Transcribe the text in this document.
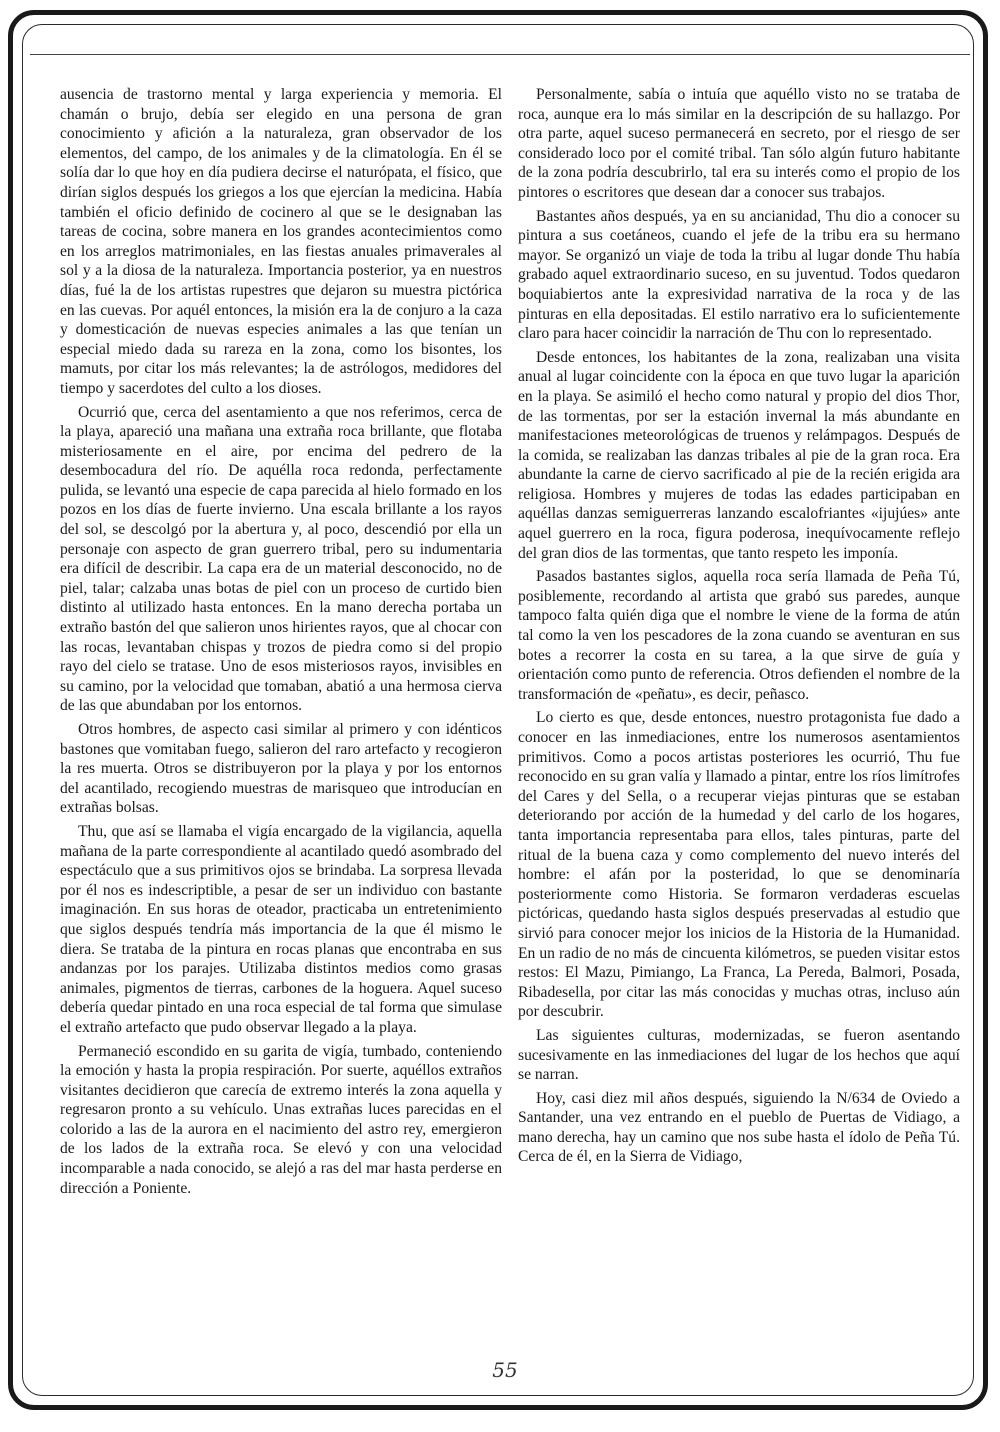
ausencia de trastorno mental y larga experiencia y memoria. El chamán o brujo, debía ser elegido en una persona de gran conocimiento y afición a la naturaleza, gran observador de los elementos, del campo, de los animales y de la climatología. En él se solía dar lo que hoy en día pudiera decirse el naturópata, el físico, que dirían siglos después los griegos a los que ejercían la medicina. Había también el oficio definido de cocinero al que se le designaban las tareas de cocina, sobre manera en los grandes acontecimientos como en los arreglos matrimoniales, en las fiestas anuales primaverales al sol y a la diosa de la naturaleza. Importancia posterior, ya en nuestros días, fué la de los artistas rupestres que dejaron su muestra pictórica en las cuevas. Por aquél entonces, la misión era la de conjuro a la caza y domesticación de nuevas especies animales a las que tenían un especial miedo dada su rareza en la zona, como los bisontes, los mamuts, por citar los más relevantes; la de astrólogos, medidores del tiempo y sacerdotes del culto a los dioses.

Ocurrió que, cerca del asentamiento a que nos referimos, cerca de la playa, apareció una mañana una extraña roca brillante, que flotaba misteriosamente en el aire, por encima del pedrero de la desembocadura del río. De aquélla roca redonda, perfectamente pulida, se levantó una especie de capa parecida al hielo formado en los pozos en los días de fuerte invierno. Una escala brillante a los rayos del sol, se descolgó por la abertura y, al poco, descendió por ella un personaje con aspecto de gran guerrero tribal, pero su indumentaria era difícil de describir. La capa era de un material desconocido, no de piel, talar; calzaba unas botas de piel con un proceso de curtido bien distinto al utilizado hasta entonces. En la mano derecha portaba un extraño bastón del que salieron unos hirientes rayos, que al chocar con las rocas, levantaban chispas y trozos de piedra como si del propio rayo del cielo se tratase. Uno de esos misteriosos rayos, invisibles en su camino, por la velocidad que tomaban, abatió a una hermosa cierva de las que abundaban por los entornos.

Otros hombres, de aspecto casi similar al primero y con idénticos bastones que vomitaban fuego, salieron del raro artefacto y recogieron la res muerta. Otros se distribuyeron por la playa y por los entornos del acantilado, recogiendo muestras de marisqueo que introducían en extrañas bolsas.

Thu, que así se llamaba el vigía encargado de la vigilancia, aquella mañana de la parte correspondiente al acantilado quedó asombrado del espectáculo que a sus primitivos ojos se brindaba. La sorpresa llevada por él nos es indescriptible, a pesar de ser un individuo con bastante imaginación. En sus horas de oteador, practicaba un entretenimiento que siglos después tendría más importancia de la que él mismo le diera. Se trataba de la pintura en rocas planas que encontraba en sus andanzas por los parajes. Utilizaba distintos medios como grasas animales, pigmentos de tierras, carbones de la hoguera. Aquel suceso debería quedar pintado en una roca especial de tal forma que simulase el extraño artefacto que pudo observar llegado a la playa.

Permaneció escondido en su garita de vigía, tumbado, conteniendo la emoción y hasta la propia respiración. Por suerte, aquéllos extraños visitantes decidieron que carecía de extremo interés la zona aquella y regresaron pronto a su vehículo. Unas extrañas luces parecidas en el colorido a las de la aurora en el nacimiento del astro rey, emergieron de los lados de la extraña roca. Se elevó y con una velocidad incomparable a nada conocido, se alejó a ras del mar hasta perderse en dirección a Poniente.

Personalmente, sabía o intuía que aquéllo visto no se trataba de roca, aunque era lo más similar en la descripción de su hallazgo. Por otra parte, aquel suceso permanecerá en secreto, por el riesgo de ser considerado loco por el comité tribal. Tan sólo algún futuro habitante de la zona podría descubrirlo, tal era su interés como el propio de los pintores o escritores que desean dar a conocer sus trabajos.

Bastantes años después, ya en su ancianidad, Thu dio a conocer su pintura a sus coetáneos, cuando el jefe de la tribu era su hermano mayor. Se organizó un viaje de toda la tribu al lugar donde Thu había grabado aquel extraordinario suceso, en su juventud. Todos quedaron boquiabiertos ante la expresividad narrativa de la roca y de las pinturas en ella depositadas. El estilo narrativo era lo suficientemente claro para hacer coincidir la narración de Thu con lo representado.

Desde entonces, los habitantes de la zona, realizaban una visita anual al lugar coincidente con la época en que tuvo lugar la aparición en la playa. Se asimiló el hecho como natural y propio del dios Thor, de las tormentas, por ser la estación invernal la más abundante en manifestaciones meteorológicas de truenos y relámpagos. Después de la comida, se realizaban las danzas tribales al pie de la gran roca. Era abundante la carne de ciervo sacrificado al pie de la recién erigida ara religiosa. Hombres y mujeres de todas las edades participaban en aquéllas danzas semiguerreras lanzando escalofriantes «ijujúes» ante aquel guerrero en la roca, figura poderosa, inequívocamente reflejo del gran dios de las tormentas, que tanto respeto les imponía.

Pasados bastantes siglos, aquella roca sería llamada de Peña Tú, posiblemente, recordando al artista que grabó sus paredes, aunque tampoco falta quién diga que el nombre le viene de la forma de atún tal como la ven los pescadores de la zona cuando se aventuran en sus botes a recorrer la costa en su tarea, a la que sirve de guía y orientación como punto de referencia. Otros defienden el nombre de la transformación de «peñatu», es decir, peñasco.

Lo cierto es que, desde entonces, nuestro protagonista fue dado a conocer en las inmediaciones, entre los numerosos asentamientos primitivos. Como a pocos artistas posteriores les ocurrió, Thu fue reconocido en su gran valía y llamado a pintar, entre los ríos limítrofes del Cares y del Sella, o a recuperar viejas pinturas que se estaban deteriorando por acción de la humedad y del carlo de los hogares, tanta importancia representaba para ellos, tales pinturas, parte del ritual de la buena caza y como complemento del nuevo interés del hombre: el afán por la posteridad, lo que se denominaría posteriormente como Historia. Se formaron verdaderas escuelas pictóricas, quedando hasta siglos después preservadas al estudio que sirvió para conocer mejor los inicios de la Historia de la Humanidad. En un radio de no más de cincuenta kilómetros, se pueden visitar estos restos: El Mazu, Pimiango, La Franca, La Pereda, Balmori, Posada, Ribadesella, por citar las más conocidas y muchas otras, incluso aún por descubrir.

Las siguientes culturas, modernizadas, se fueron asentando sucesivamente en las inmediaciones del lugar de los hechos que aquí se narran.

Hoy, casi diez mil años después, siguiendo la N/634 de Oviedo a Santander, una vez entrando en el pueblo de Puertas de Vidiago, a mano derecha, hay un camino que nos sube hasta el ídolo de Peña Tú. Cerca de él, en la Sierra de Vidiago,

55
